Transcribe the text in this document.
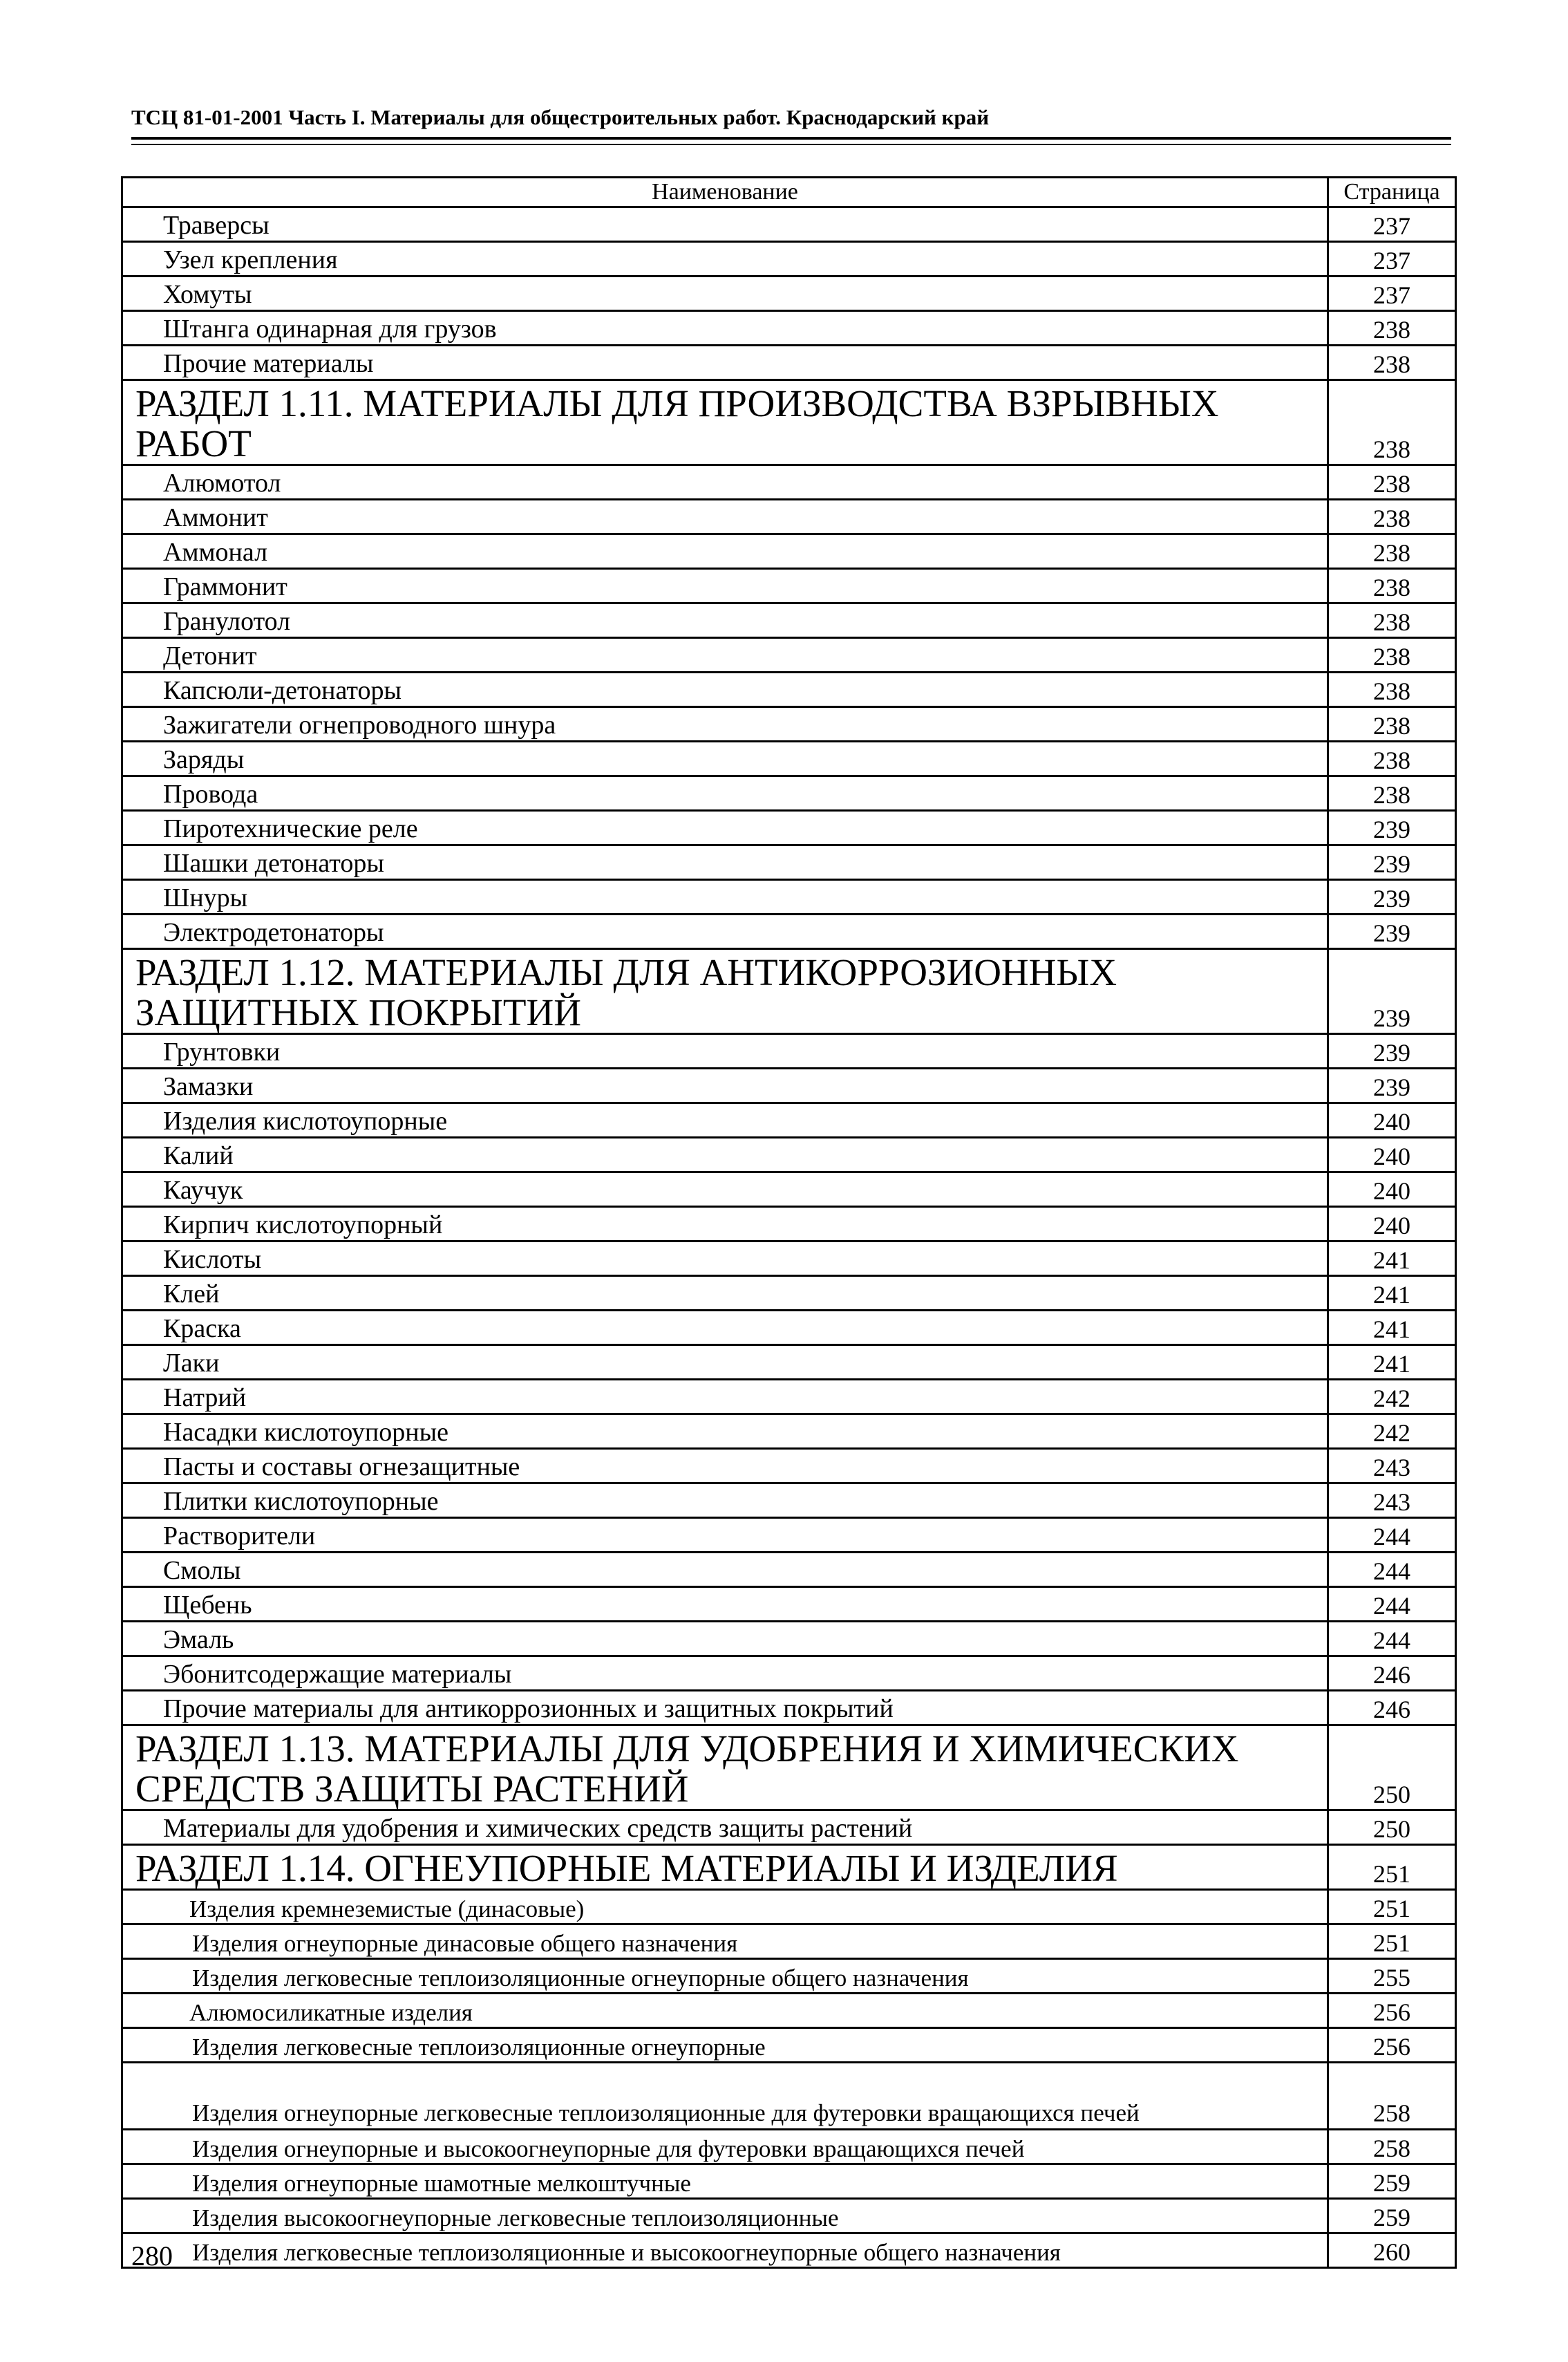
ТСЦ 81-01-2001 Часть I. Материалы для общестроительных работ. Краснодарский край
Наименование	Страница
Траверсы	237
Узел крепления	237
Хомуты	237
Штанга одинарная для грузов	238
Прочие материалы	238
РАЗДЕЛ 1.11. МАТЕРИАЛЫ ДЛЯ ПРОИЗВОДСТВА ВЗРЫВНЫХ РАБОТ	238
Алюмотол	238
Аммонит	238
Аммонал	238
Граммонит	238
Гранулотол	238
Детонит	238
Капсюли-детонаторы	238
Зажигатели огнепроводного шнура	238
Заряды	238
Провода	238
Пиротехнические реле	239
Шашки детонаторы	239
Шнуры	239
Электродетонаторы	239
РАЗДЕЛ 1.12. МАТЕРИАЛЫ ДЛЯ АНТИКОРРОЗИОННЫХ ЗАЩИТНЫХ ПОКРЫТИЙ	239
Грунтовки	239
Замазки	239
Изделия кислотоупорные	240
Калий	240
Каучук	240
Кирпич кислотоупорный	240
Кислоты	241
Клей	241
Краска	241
Лаки	241
Натрий	242
Насадки кислотоупорные	242
Пасты и составы огнезащитные	243
Плитки кислотоупорные	243
Растворители	244
Смолы	244
Щебень	244
Эмаль	244
Эбонитсодержащие материалы	246
Прочие материалы для антикоррозионных и защитных покрытий	246
РАЗДЕЛ 1.13. МАТЕРИАЛЫ ДЛЯ УДОБРЕНИЯ И ХИМИЧЕСКИХ СРЕДСТВ ЗАЩИТЫ РАСТЕНИЙ	250
Материалы для удобрения и химических средств защиты растений	250
РАЗДЕЛ 1.14. ОГНЕУПОРНЫЕ МАТЕРИАЛЫ И ИЗДЕЛИЯ	251
Изделия кремнеземистые (динасовые)	251
Изделия огнеупорные динасовые общего назначения	251
Изделия легковесные теплоизоляционные огнеупорные общего назначения	255
Алюмосиликатные изделия	256
Изделия легковесные теплоизоляционные огнеупорные	256
Изделия огнеупорные легковесные теплоизоляционные для футеровки вращающихся печей	258
Изделия огнеупорные и высокоогнеупорные для футеровки вращающихся печей	258
Изделия огнеупорные шамотные мелкоштучные	259
Изделия высокоогнеупорные легковесные теплоизоляционные	259
Изделия легковесные теплоизоляционные и высокоогнеупорные общего назначения	260
280
